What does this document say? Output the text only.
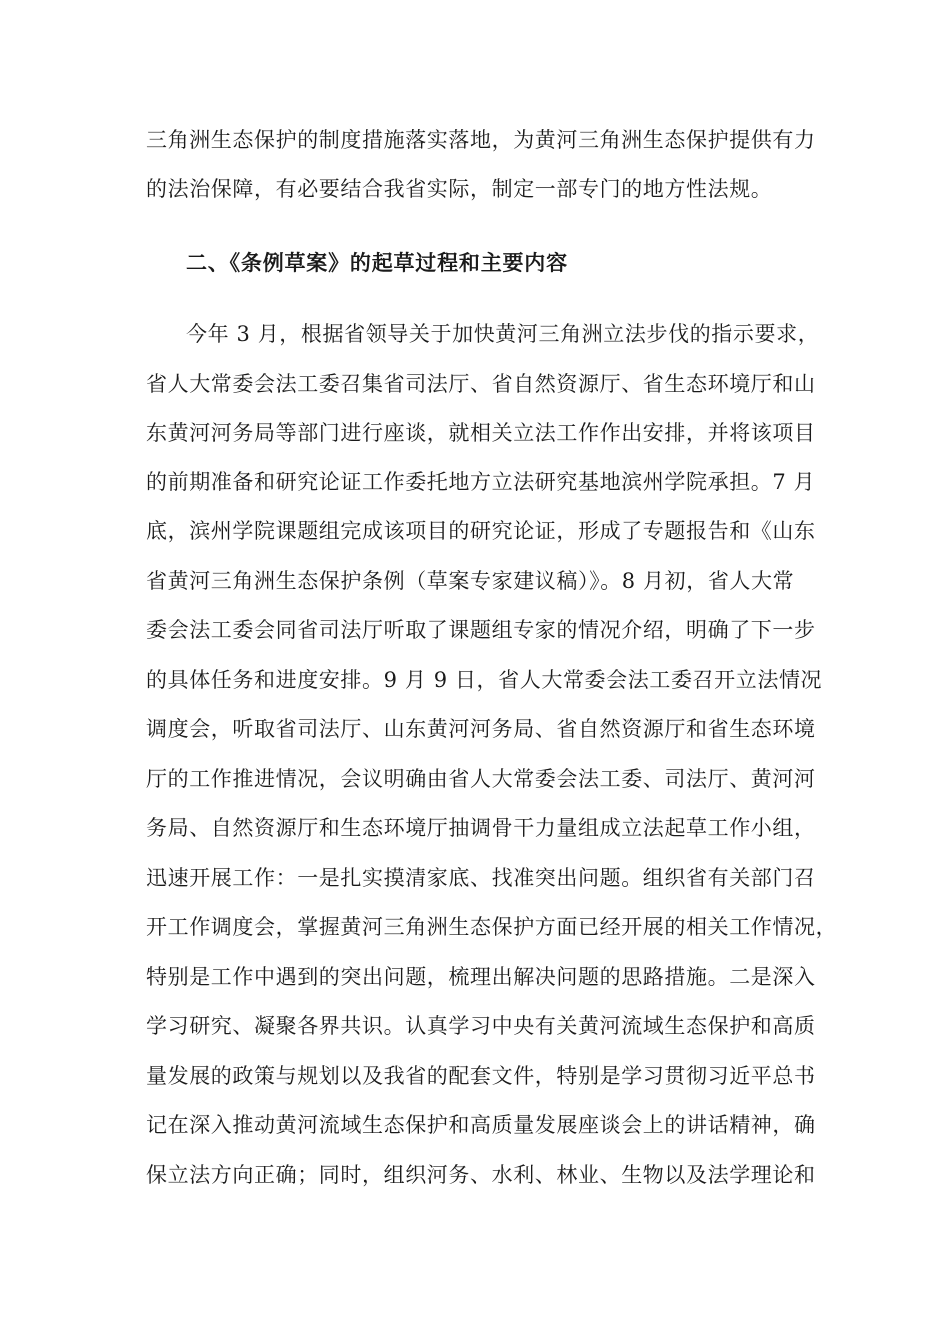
三角洲生态保护的制度措施落实落地，为黄河三角洲生态保护提供有力
的法治保障，有必要结合我省实际，制定一部专门的地方性法规。
二、《条例草案》的起草过程和主要内容
今年 3 月，根据省领导关于加快黄河三角洲立法步伐的指示要求，
省人大常委会法工委召集省司法厅、省自然资源厅、省生态环境厅和山
东黄河河务局等部门进行座谈，就相关立法工作作出安排，并将该项目
的前期准备和研究论证工作委托地方立法研究基地滨州学院承担。7 月
底，滨州学院课题组完成该项目的研究论证，形成了专题报告和《山东
省黄河三角洲生态保护条例（草案专家建议稿）》。8 月初，省人大常
委会法工委会同省司法厅听取了课题组专家的情况介绍，明确了下一步
的具体任务和进度安排。9 月 9 日，省人大常委会法工委召开立法情况
调度会，听取省司法厅、山东黄河河务局、省自然资源厅和省生态环境
厅的工作推进情况，会议明确由省人大常委会法工委、司法厅、黄河河
务局、自然资源厅和生态环境厅抽调骨干力量组成立法起草工作小组，
迅速开展工作：一是扎实摸清家底、找准突出问题。组织省有关部门召
开工作调度会，掌握黄河三角洲生态保护方面已经开展的相关工作情况，
特别是工作中遇到的突出问题，梳理出解决问题的思路措施。二是深入
学习研究、凝聚各界共识。认真学习中央有关黄河流域生态保护和高质
量发展的政策与规划以及我省的配套文件，特别是学习贯彻习近平总书
记在深入推动黄河流域生态保护和高质量发展座谈会上的讲话精神，确
保立法方向正确；同时，组织河务、水利、林业、生物以及法学理论和
